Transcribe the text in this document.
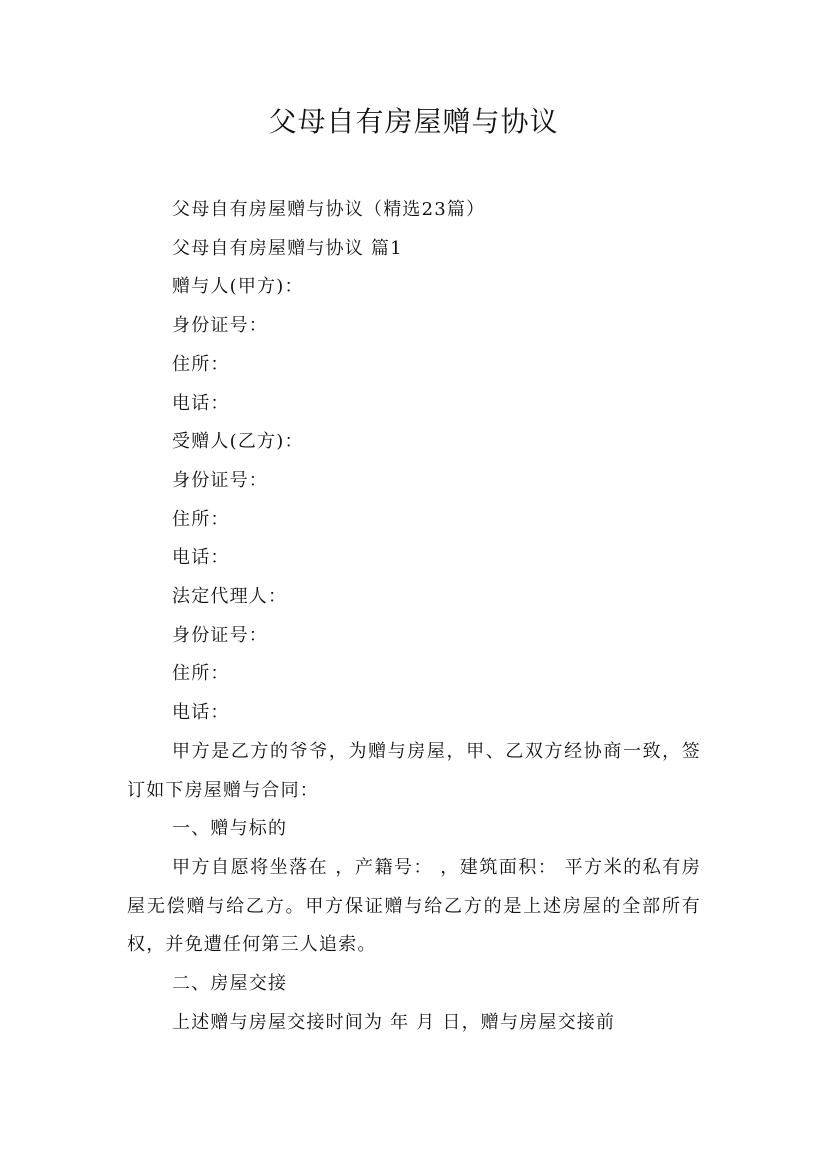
父母自有房屋赠与协议
父母自有房屋赠与协议（精选23篇）
父母自有房屋赠与协议 篇1
赠与人(甲方)：
身份证号：
住所：
电话：
受赠人(乙方)：
身份证号：
住所：
电话：
法定代理人：
身份证号：
住所：
电话：
甲方是乙方的爷爷，为赠与房屋，甲、乙双方经协商一致，签订如下房屋赠与合同：
一、赠与标的
甲方自愿将坐落在 ，产籍号： ，建筑面积： 平方米的私有房屋无偿赠与给乙方。甲方保证赠与给乙方的是上述房屋的全部所有权，并免遭任何第三人追索。
二、房屋交接
上述赠与房屋交接时间为 年 月 日，赠与房屋交接前
